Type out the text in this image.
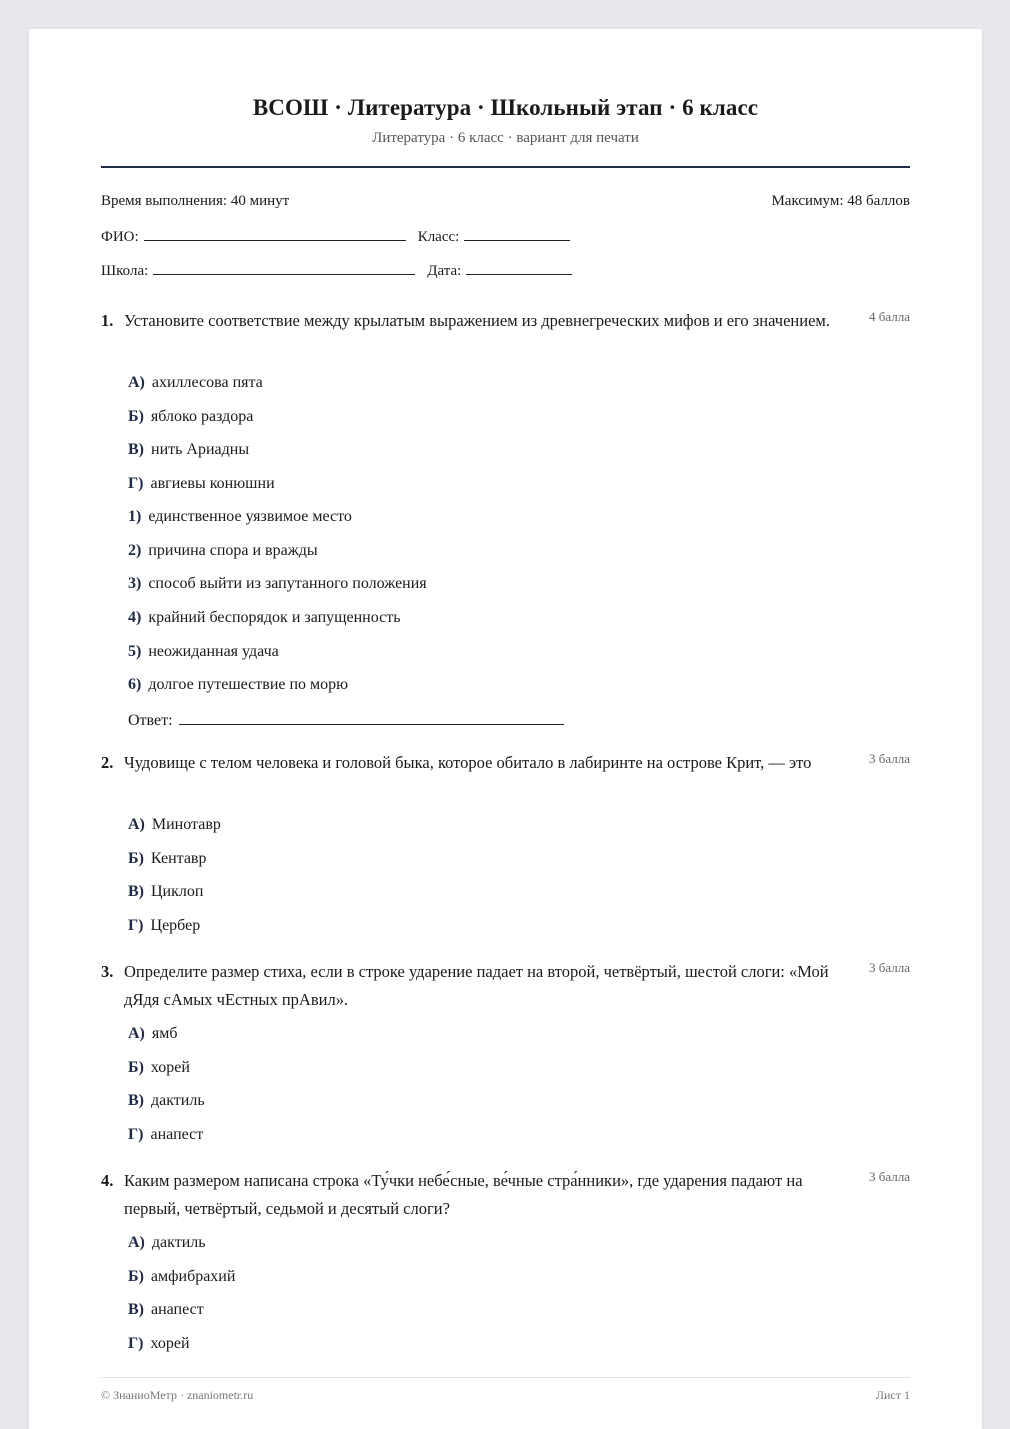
ВСОШ · Литература · Школьный этап · 6 класс
Литература · 6 класс · вариант для печати
Время выполнения: 40 минут	Максимум: 48 баллов
ФИО:	Класс:
Школа:	Дата:
1. Установите соответствие между крылатым выражением из древнегреческих мифов и его значением.	4 балла
А) ахиллесова пята
Б) яблоко раздора
В) нить Ариадны
Г) авгиевы конюшни
1) единственное уязвимое место
2) причина спора и вражды
3) способ выйти из запутанного положения
4) крайний беспорядок и запущенность
5) неожиданная удача
6) долгое путешествие по морю
Ответ:
2. Чудовище с телом человека и головой быка, которое обитало в лабиринте на острове Крит, — это	3 балла
А) Минотавр
Б) Кентавр
В) Циклоп
Г) Цербер
3. Определите размер стиха, если в строке ударение падает на второй, четвёртый, шестой слоги: «Мой дЯдя сАмых чЕстных прАвил».
3 балла
А) ямб
Б) хорей
В) дактиль
Г) анапест
4. Каким размером написана строка «Ту́чки небе́сные, ве́чные стра́нники», где ударения падают на первый, четвёртый, седьмой и десятый слоги?
3 балла
А) дактиль
Б) амфибрахий
В) анапест
Г) хорей
© ЗнаниоМетр · znaniometr.ru	Лист 1
